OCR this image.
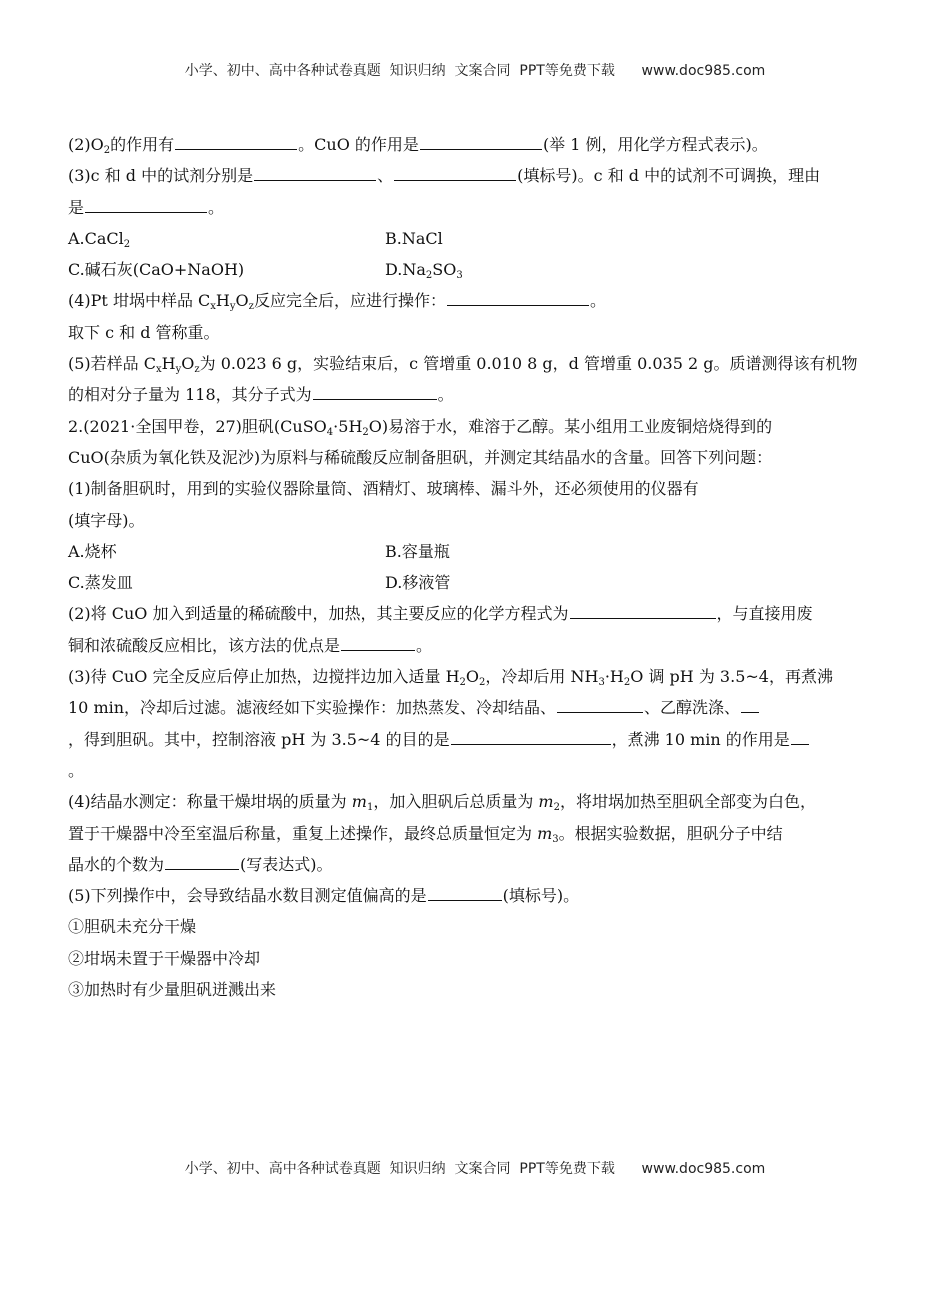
小学、初中、高中各种试卷真题  知识归纳  文案合同  PPT等免费下载      www.doc985.com
$(2)O_2$的作用有	。CuO 的作用是	(举 1 例，用化学方程式表示)。
(3)c 和 d 中的试剂分别是	、	(填标号)。c 和 d 中的试剂不可调换，理由
是	。
A.CaCl$_2$	B.NaCl
C.碱石灰(CaO+NaOH)	$D.Na_2SO_3$
(4)Pt 坩埚中样品 $C_xH_yO_z$反应完全后，应进行操作：	。
取下 c 和 d 管称重。
(5)若样品 $C_xH_yO_z$为 0.023 6 g，实验结束后，c 管增重 0.010 8 g，d 管增重 0.035 2 g。质谱测得该有机物
的相对分子量为 118，其分子式为	。
2.(2021·全国甲卷，27)胆矾$(CuSO_4\cdot 5H_2O)$易溶于水，难溶于乙醇。某小组用工业废铜焙烧得到的
CuO(杂质为氧化铁及泥沙)为原料与稀硫酸反应制备胆矾，并测定其结晶水的含量。回答下列问题：
(1)制备胆矾时，用到的实验仪器除量筒、酒精灯、玻璃棒、漏斗外，还必须使用的仪器有
(填字母)。
A.烧杯	B.容量瓶
C.蒸发皿	D.移液管
(2)将 CuO 加入到适量的稀硫酸中，加热，其主要反应的化学方程式为	，与直接用废
铜和浓硫酸反应相比，该方法的优点是	。
(3)待 CuO 完全反应后停止加热，边搅拌边加入适量 $H_2O_2$，冷却后用 $NH_3\cdot H_2O$ 调 pH 为 3.5~4，再煮沸
10 min，冷却后过滤。滤液经如下实验操作：加热蒸发、冷却结晶、	、乙醇洗涤、
，得到胆矾。其中，控制溶液 pH 为 3.5~4 的目的是	，煮沸 10 min 的作用是
。
(4)结晶水测定：称量干燥坩埚的质量为 $m_1$，加入胆矾后总质量为 $m_2$，将坩埚加热至胆矾全部变为白色，
置于干燥器中冷至室温后称量，重复上述操作，最终总质量恒定为 $m_3$。根据实验数据，胆矾分子中结
晶水的个数为	(写表达式)。
(5)下列操作中，会导致结晶水数目测定值偏高的是	(填标号)。
①胆矾未充分干燥
②坩埚未置于干燥器中冷却
③加热时有少量胆矾迸溅出来
小学、初中、高中各种试卷真题  知识归纳  文案合同  PPT等免费下载      www.doc985.com
